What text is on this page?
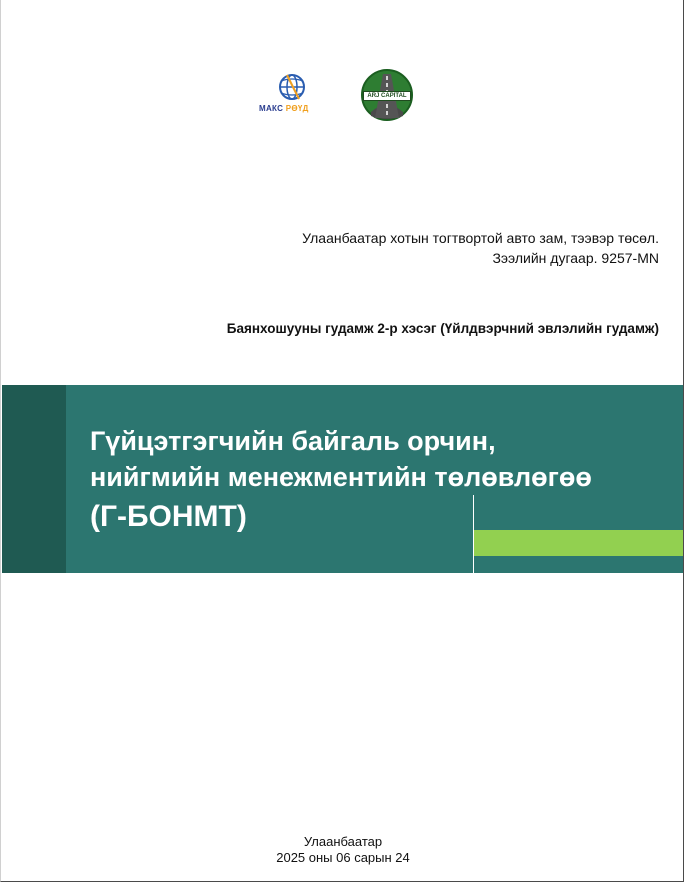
МАКС РӨҮД
ARJ CAPITAL
Улаанбаатар хотын тогтвортой авто зам, тээвэр төсөл.
Зээлийн дугаар. 9257-MN
Баянхошууны гудамж 2-р хэсэг (Үйлдвэрчний эвлэлийн гудамж)
Гүйцэтгэгчийн байгаль орчин,
нийгмийн менежментийн төлөвлөгөө
(Г-БОНМТ)
Улаанбаатар
2025 оны 06 сарын 24
